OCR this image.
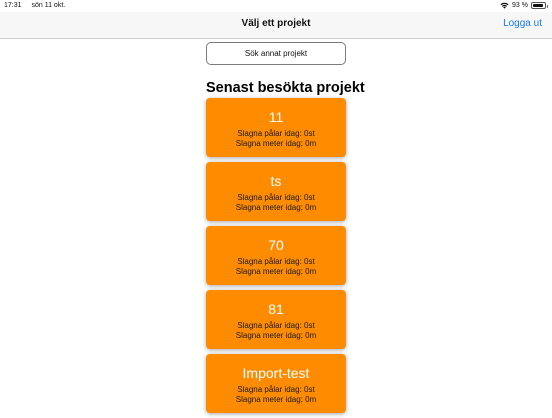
17:31 sön 11 okt.	93 %
Välj ett projekt	Logga ut
Sök annat projekt
Senast besökta projekt
11
Slagna pålar idag: 0st
Slagna meter idag: 0m
ts
Slagna pålar idag: 0st
Slagna meter idag: 0m
70
Slagna pålar idag: 0st
Slagna meter idag: 0m
81
Slagna pålar idag: 0st
Slagna meter idag: 0m
Import-test
Slagna pålar idag: 0st
Slagna meter idag: 0m
